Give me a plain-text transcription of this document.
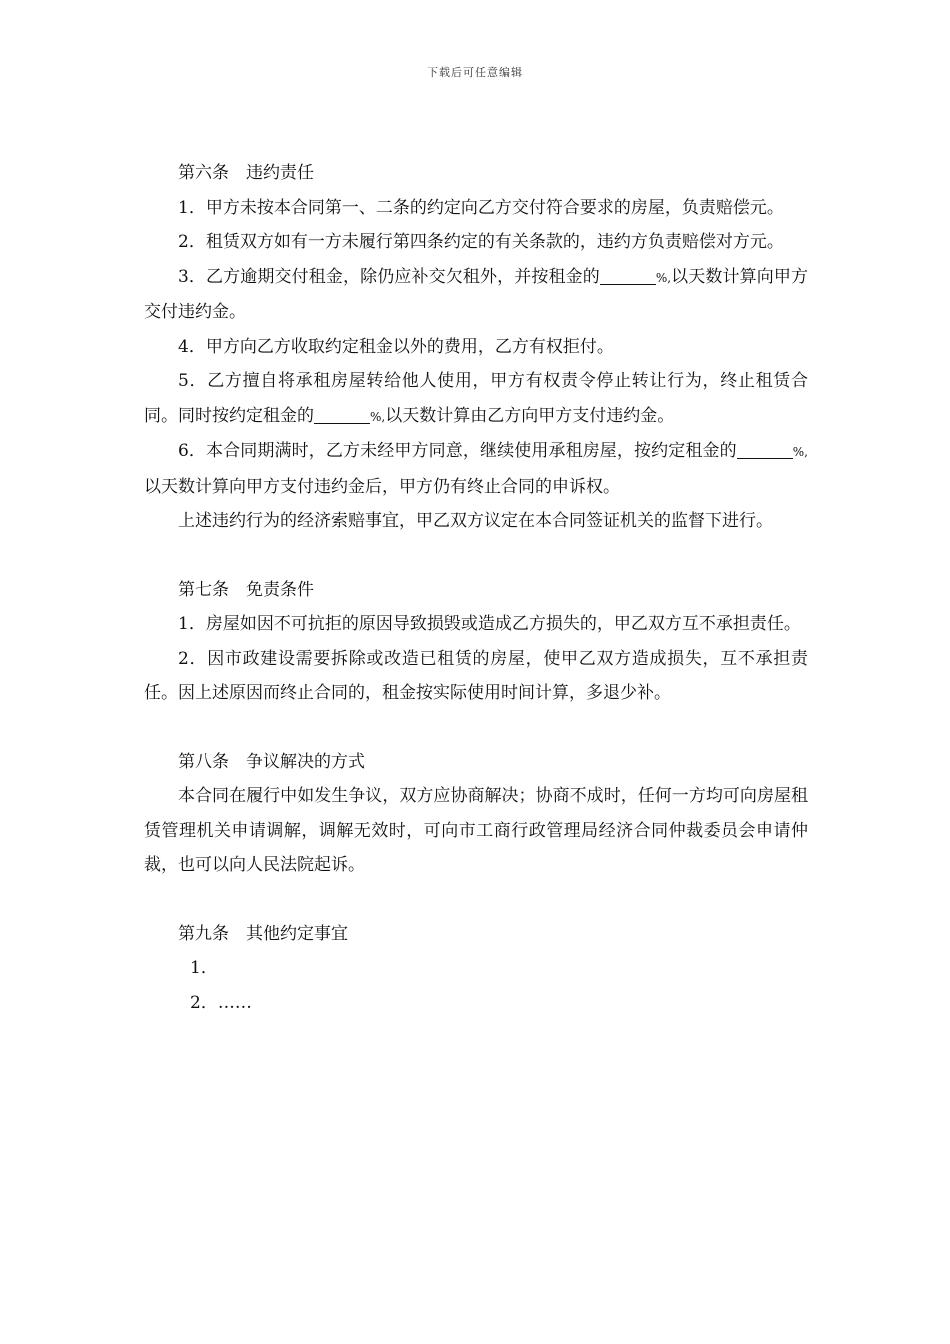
下载后可任意编辑
第六条　违约责任
1．甲方未按本合同第一、二条的约定向乙方交付符合要求的房屋，负责赔偿元。
2．租赁双方如有一方未履行第四条约定的有关条款的，违约方负责赔偿对方元。
3．乙方逾期交付租金，除仍应补交欠租外，并按租金的	%,以天数计算向甲方交付违约金。
4．甲方向乙方收取约定租金以外的费用，乙方有权拒付。
5．乙方擅自将承租房屋转给他人使用，甲方有权责令停止转让行为，终止租赁合同。同时按约定租金的	%,以天数计算由乙方向甲方支付违约金。
6．本合同期满时，乙方未经甲方同意，继续使用承租房屋，按约定租金的	%,以天数计算向甲方支付违约金后，甲方仍有终止合同的申诉权。
上述违约行为的经济索赔事宜，甲乙双方议定在本合同签证机关的监督下进行。
第七条　免责条件
1．房屋如因不可抗拒的原因导致损毁或造成乙方损失的，甲乙双方互不承担责任。
2．因市政建设需要拆除或改造已租赁的房屋，使甲乙双方造成损失，互不承担责任。因上述原因而终止合同的，租金按实际使用时间计算，多退少补。
第八条　争议解决的方式
本合同在履行中如发生争议，双方应协商解决；协商不成时，任何一方均可向房屋租赁管理机关申请调解，调解无效时，可向市工商行政管理局经济合同仲裁委员会申请仲裁，也可以向人民法院起诉。
第九条　其他约定事宜
1．
2．……
